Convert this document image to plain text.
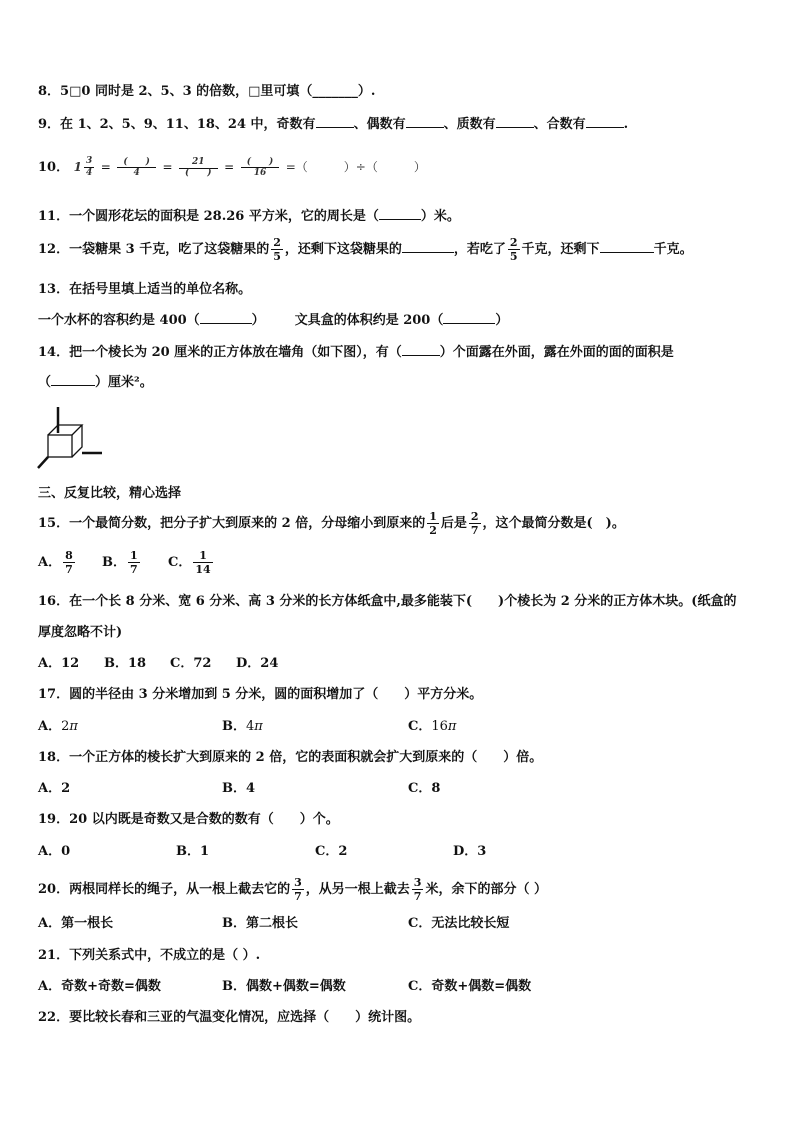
8．5□0 同时是 2、5、3 的倍数，□里可填（_______）.
9．在 1、2、5、9、11、18、24 中，奇数有	、偶数有	、质数有	、合数有	.
10． $1 \frac{3}{4} = \frac{( )}{4} = \frac{21}{( )} = \frac{( )}{16}$ =（　　　）÷（　　　）
11．一个圆形花坛的面积是 28.26 平方米，它的周长是（	）米。
12．一袋糖果 3 千克，吃了这袋糖果的 $\frac{2}{5}$ ，还剩下这袋糖果的	，若吃了 $\frac{2}{5}$ 千克，还剩下	千克。
13．在括号里填上适当的单位名称。
一个水杯的容积约是 400（	） 文具盒的体积约是 200（	）
14．把一个棱长为 20 厘米的正方体放在墙角（如下图），有（	）个面露在外面，露在外面的面的面积是
（	）厘米²。
三、反复比较，精心选择
15．一个最简分数，把分子扩大到原来的 2 倍，分母缩小到原来的 $\frac{1}{2}$ 后是 $\frac{2}{7}$ ，这个最简分数是(　)。
A． $\frac{8}{7}$ B． $\frac{1}{7}$ C． $\frac{1}{14}$
16．在一个长 8 分米、宽 6 分米、高 3 分米的长方体纸盒中,最多能装下(　　)个棱长为 2 分米的正方体木块。(纸盒的
厚度忽略不计)
A．12 B．18 C．72 D．24
17．圆的半径由 3 分米增加到 5 分米，圆的面积增加了（　　）平方分米。
A．2π	B．4π	C．16π
18．一个正方体的棱长扩大到原来的 2 倍，它的表面积就会扩大到原来的（　　）倍。
A．2	B．4	C．8
19．20 以内既是奇数又是合数的数有（　　）个。
A．0	B．1	C．2	D．3
20．两根同样长的绳子，从一根上截去它的 $\frac{3}{7}$ ，从另一根上截去 $\frac{3}{7}$ 米，余下的部分（ ）
A．第一根长	B．第二根长	C．无法比较长短
21．下列关系式中，不成立的是（ ）.
A．奇数+奇数=偶数	B．偶数+偶数=偶数	C．奇数+偶数=偶数
22．要比较长春和三亚的气温变化情况，应选择（　　）统计图。
